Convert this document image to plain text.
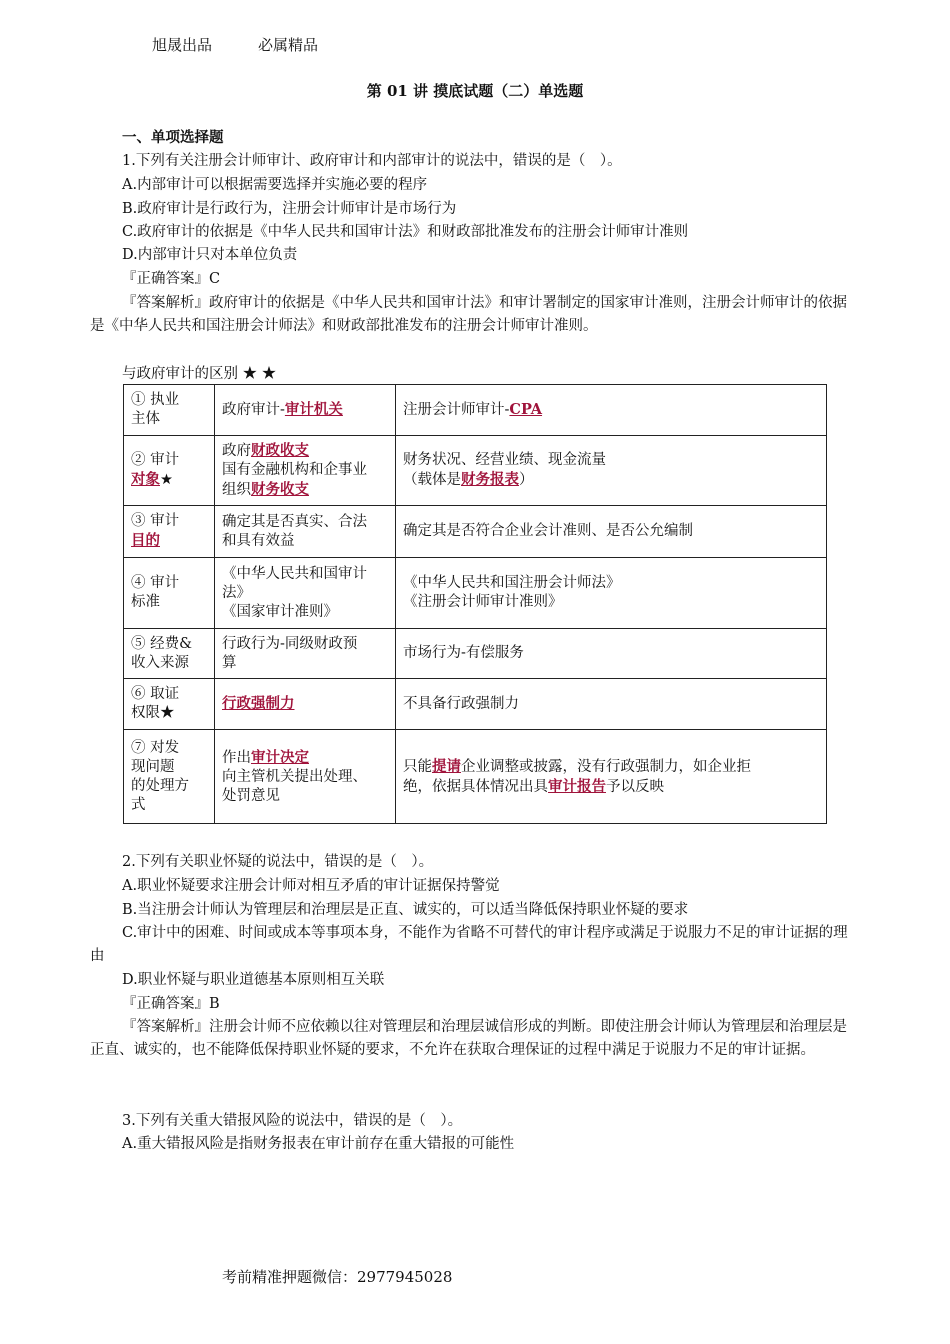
旭晟出品	必属精品
第 01 讲 摸底试题（二）单选题
一、单项选择题
1.下列有关注册会计师审计、政府审计和内部审计的说法中，错误的是（　）。
A.内部审计可以根据需要选择并实施必要的程序
B.政府审计是行政行为，注册会计师审计是市场行为
C.政府审计的依据是《中华人民共和国审计法》和财政部批准发布的注册会计师审计准则
D.内部审计只对本单位负责
『正确答案』C
『答案解析』政府审计的依据是《中华人民共和国审计法》和审计署制定的国家审计准则，注册会计师审计的依据是《中华人民共和国注册会计师法》和财政部批准发布的注册会计师审计准则。
与政府审计的区别 ★ ★
① 执业
主体	政府审计-审计机关	注册会计师审计-CPA
② 审计
对象★	政府财政收支
国有金融机构和企事业
组织财务收支	财务状况、经营业绩、现金流量
（载体是财务报表）
③ 审计
目的	确定其是否真实、合法
和具有效益	确定其是否符合企业会计准则、是否公允编制
④ 审计
标准	《中华人民共和国审计
法》
《国家审计准则》	《中华人民共和国注册会计师法》
《注册会计师审计准则》
⑤ 经费&
收入来源	行政行为-同级财政预
算	市场行为-有偿服务
⑥ 取证
权限★	行政强制力	不具备行政强制力
⑦ 对发
现问题
的处理方
式	作出审计决定
向主管机关提出处理、
处罚意见	只能提请企业调整或披露，没有行政强制力，如企业拒
绝，依据具体情况出具审计报告予以反映
2.下列有关职业怀疑的说法中，错误的是（　）。
A.职业怀疑要求注册会计师对相互矛盾的审计证据保持警觉
B.当注册会计师认为管理层和治理层是正直、诚实的，可以适当降低保持职业怀疑的要求
C.审计中的困难、时间或成本等事项本身，不能作为省略不可替代的审计程序或满足于说服力不足的审计证据的理由
D.职业怀疑与职业道德基本原则相互关联
『正确答案』B
『答案解析』注册会计师不应依赖以往对管理层和治理层诚信形成的判断。即使注册会计师认为管理层和治理层是正直、诚实的，也不能降低保持职业怀疑的要求，不允许在获取合理保证的过程中满足于说服力不足的审计证据。
3.下列有关重大错报风险的说法中，错误的是（　）。
A.重大错报风险是指财务报表在审计前存在重大错报的可能性
考前精准押题微信：2977945028
